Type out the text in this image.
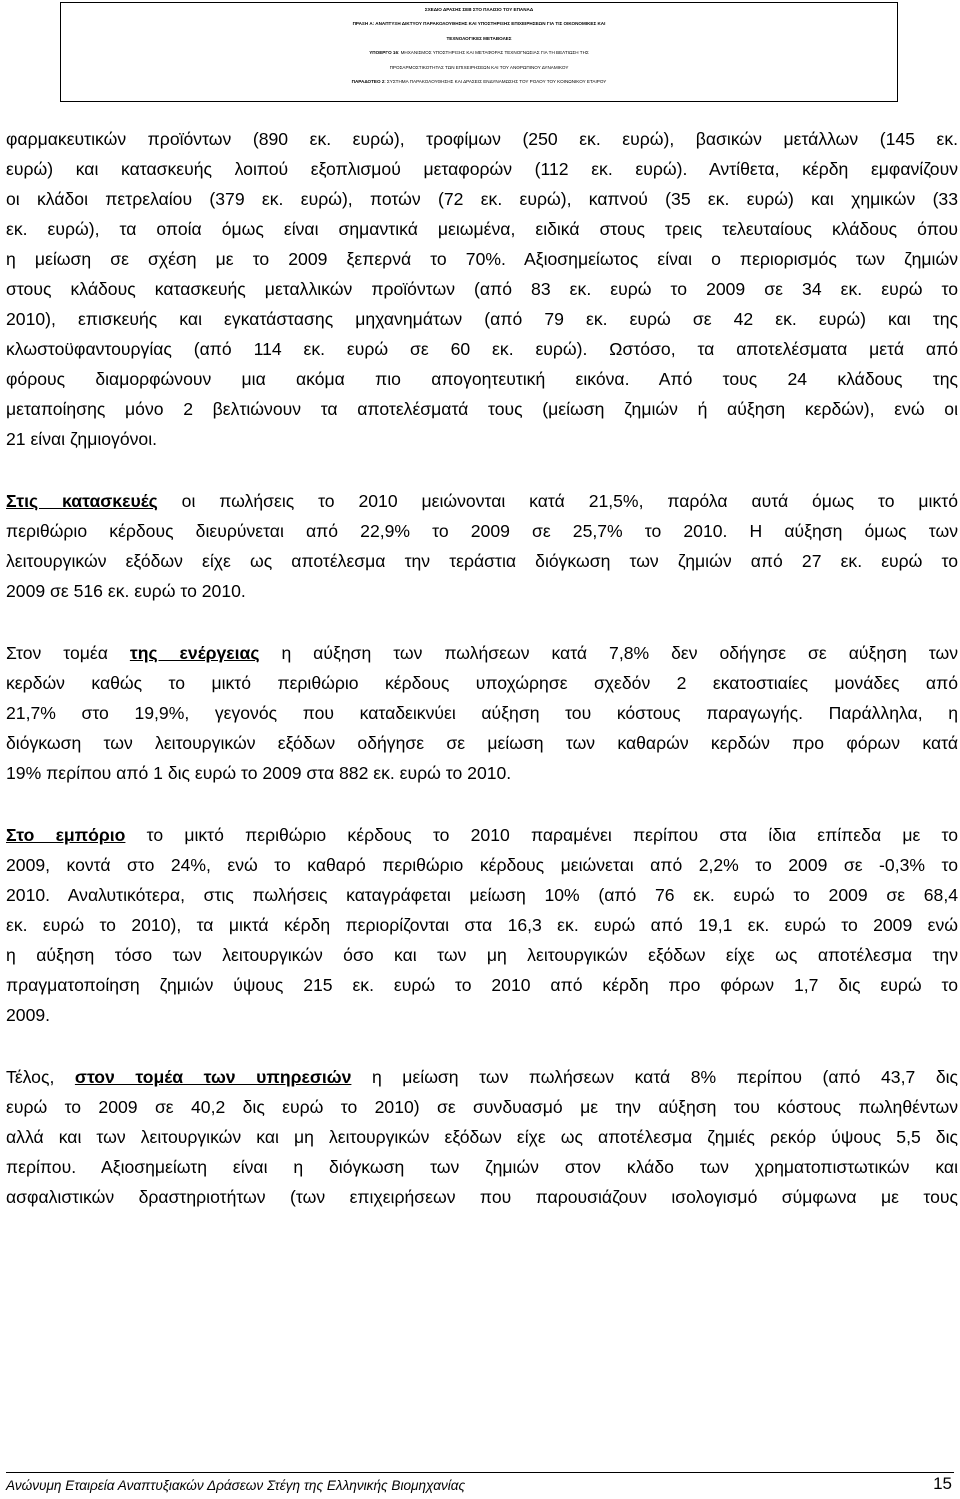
ΣΧΕΔΙΟ ΔΡΑΣΗΣ ΣΕΒ ΣΤΟ ΠΛΑΙΣΙΟ ΤΟΥ ΕΠΑΝΑΔ
ΠΡΑΞΗ Α: ΑΝΑΠΤΥΞΗ ΔΙΚΤΥΟΥ ΠΑΡΑΚΟΛΟΥΘΗΣΗΣ ΚΑΙ ΥΠΟΣΤΗΡΙΞΗΣ ΕΠΙΧΕΙΡΗΣΕΩΝ ΓΙΑ ΤΙΣ ΟΙΚΟΝΟΜΙΚΕΣ ΚΑΙ
ΤΕΧΝΟΛΟΓΙΚΕΣ ΜΕΤΑΒΟΛΕΣ
ΥΠΟΕΡΓΟ 16: ΜΗΧΑΝΙΣΜΟΣ ΥΠΟΣΤΗΡΙΞΗΣ ΚΑΙ ΜΕΤΑΦΟΡΑΣ ΤΕΧΝΟΓΝΩΣΙΑΣ ΓΙΑ ΤΗ ΒΕΛΤΙΩΣΗ ΤΗΣ
ΠΡΟΣΑΡΜΟΣΤΙΚΟΤΗΤΑΣ ΤΩΝ ΕΠΙΧΕΙΡΗΣΕΩΝ ΚΑΙ ΤΟΥ ΑΝΘΡΩΠΙΝΟΥ ΔΥΝΑΜΙΚΟΥ
ΠΑΡΑΔΟΤΕΟ 2: ΣΥΣΤΗΜΑ ΠΑΡΑΚΟΛΟΥΘΗΣΗΣ ΚΑΙ ΔΡΑΣΕΙΣ ΕΝΔΥΝΑΜΩΣΗΣ ΤΟΥ ΡΟΛΟΥ ΤΟΥ ΚΟΙΝΩΝΙΚΟΥ ΕΤΑΙΡΟΥ

φαρμακευτικών προϊόντων (890 εκ. ευρώ), τροφίμων (250 εκ. ευρώ), βασικών μετάλλων (145 εκ.
ευρώ) και κατασκευής λοιπού εξοπλισμού μεταφορών (112 εκ. ευρώ). Αντίθετα, κέρδη εμφανίζουν
οι κλάδοι πετρελαίου (379 εκ. ευρώ), ποτών (72 εκ. ευρώ), καπνού (35 εκ. ευρώ) και χημικών (33
εκ. ευρώ), τα οποία όμως είναι σημαντικά μειωμένα, ειδικά στους τρεις τελευταίους κλάδους όπου
η μείωση σε σχέση με το 2009 ξεπερνά το 70%. Αξιοσημείωτος είναι ο περιορισμός των ζημιών
στους κλάδους κατασκευής μεταλλικών προϊόντων (από 83 εκ. ευρώ το 2009 σε 34 εκ. ευρώ το
2010), επισκευής και εγκατάστασης μηχανημάτων (από 79 εκ. ευρώ σε 42 εκ. ευρώ) και της
κλωστοϋφαντουργίας (από 114 εκ. ευρώ σε 60 εκ. ευρώ). Ωστόσο, τα αποτελέσματα μετά από
φόρους διαμορφώνουν μια ακόμα πιο απογοητευτική εικόνα. Από τους 24 κλάδους της
μεταποίησης μόνο 2 βελτιώνουν τα αποτελέσματά τους (μείωση ζημιών ή αύξηση κερδών), ενώ οι
21 είναι ζημιογόνοι.

Στις κατασκευές οι πωλήσεις το 2010 μειώνονται κατά 21,5%, παρόλα αυτά όμως το μικτό
περιθώριο κέρδους διευρύνεται από 22,9% το 2009 σε 25,7% το 2010. Η αύξηση όμως των
λειτουργικών εξόδων είχε ως αποτέλεσμα την τεράστια διόγκωση των ζημιών από 27 εκ. ευρώ το
2009 σε 516 εκ. ευρώ το 2010.

Στον τομέα της ενέργειας η αύξηση των πωλήσεων κατά 7,8% δεν οδήγησε σε αύξηση των
κερδών καθώς το μικτό περιθώριο κέρδους υποχώρησε σχεδόν 2 εκατοστιαίες μονάδες από
21,7% στο 19,9%, γεγονός που καταδεικνύει αύξηση του κόστους παραγωγής. Παράλληλα, η
διόγκωση των λειτουργικών εξόδων οδήγησε σε μείωση των καθαρών κερδών προ φόρων κατά
19% περίπου από 1 δις ευρώ το 2009 στα 882 εκ. ευρώ το 2010.

Στο εμπόριο το μικτό περιθώριο κέρδους το 2010 παραμένει περίπου στα ίδια επίπεδα με το
2009, κοντά στο 24%, ενώ το καθαρό περιθώριο κέρδους μειώνεται από 2,2% το 2009 σε -0,3% το
2010. Αναλυτικότερα, στις πωλήσεις καταγράφεται μείωση 10% (από 76 εκ. ευρώ το 2009 σε 68,4
εκ. ευρώ το 2010), τα μικτά κέρδη περιορίζονται στα 16,3 εκ. ευρώ από 19,1 εκ. ευρώ το 2009 ενώ
η αύξηση τόσο των λειτουργικών όσο και των μη λειτουργικών εξόδων είχε ως αποτέλεσμα την
πραγματοποίηση ζημιών ύψους 215 εκ. ευρώ το 2010 από κέρδη προ φόρων 1,7 δις ευρώ το
2009.

Τέλος, στον τομέα των υπηρεσιών η μείωση των πωλήσεων κατά 8% περίπου (από 43,7 δις
ευρώ το 2009 σε 40,2 δις ευρώ το 2010) σε συνδυασμό με την αύξηση του κόστους πωληθέντων
αλλά και των λειτουργικών και μη λειτουργικών εξόδων είχε ως αποτέλεσμα ζημιές ρεκόρ ύψους 5,5 δις
περίπου. Αξιοσημείωτη είναι η διόγκωση των ζημιών στον κλάδο των χρηματοπιστωτικών και
ασφαλιστικών δραστηριοτήτων (των επιχειρήσεων που παρουσιάζουν ισολογισμό σύμφωνα με τους

Ανώνυμη Εταιρεία Αναπτυξιακών Δράσεων Στέγη της Ελληνικής Βιομηχανίας	15
